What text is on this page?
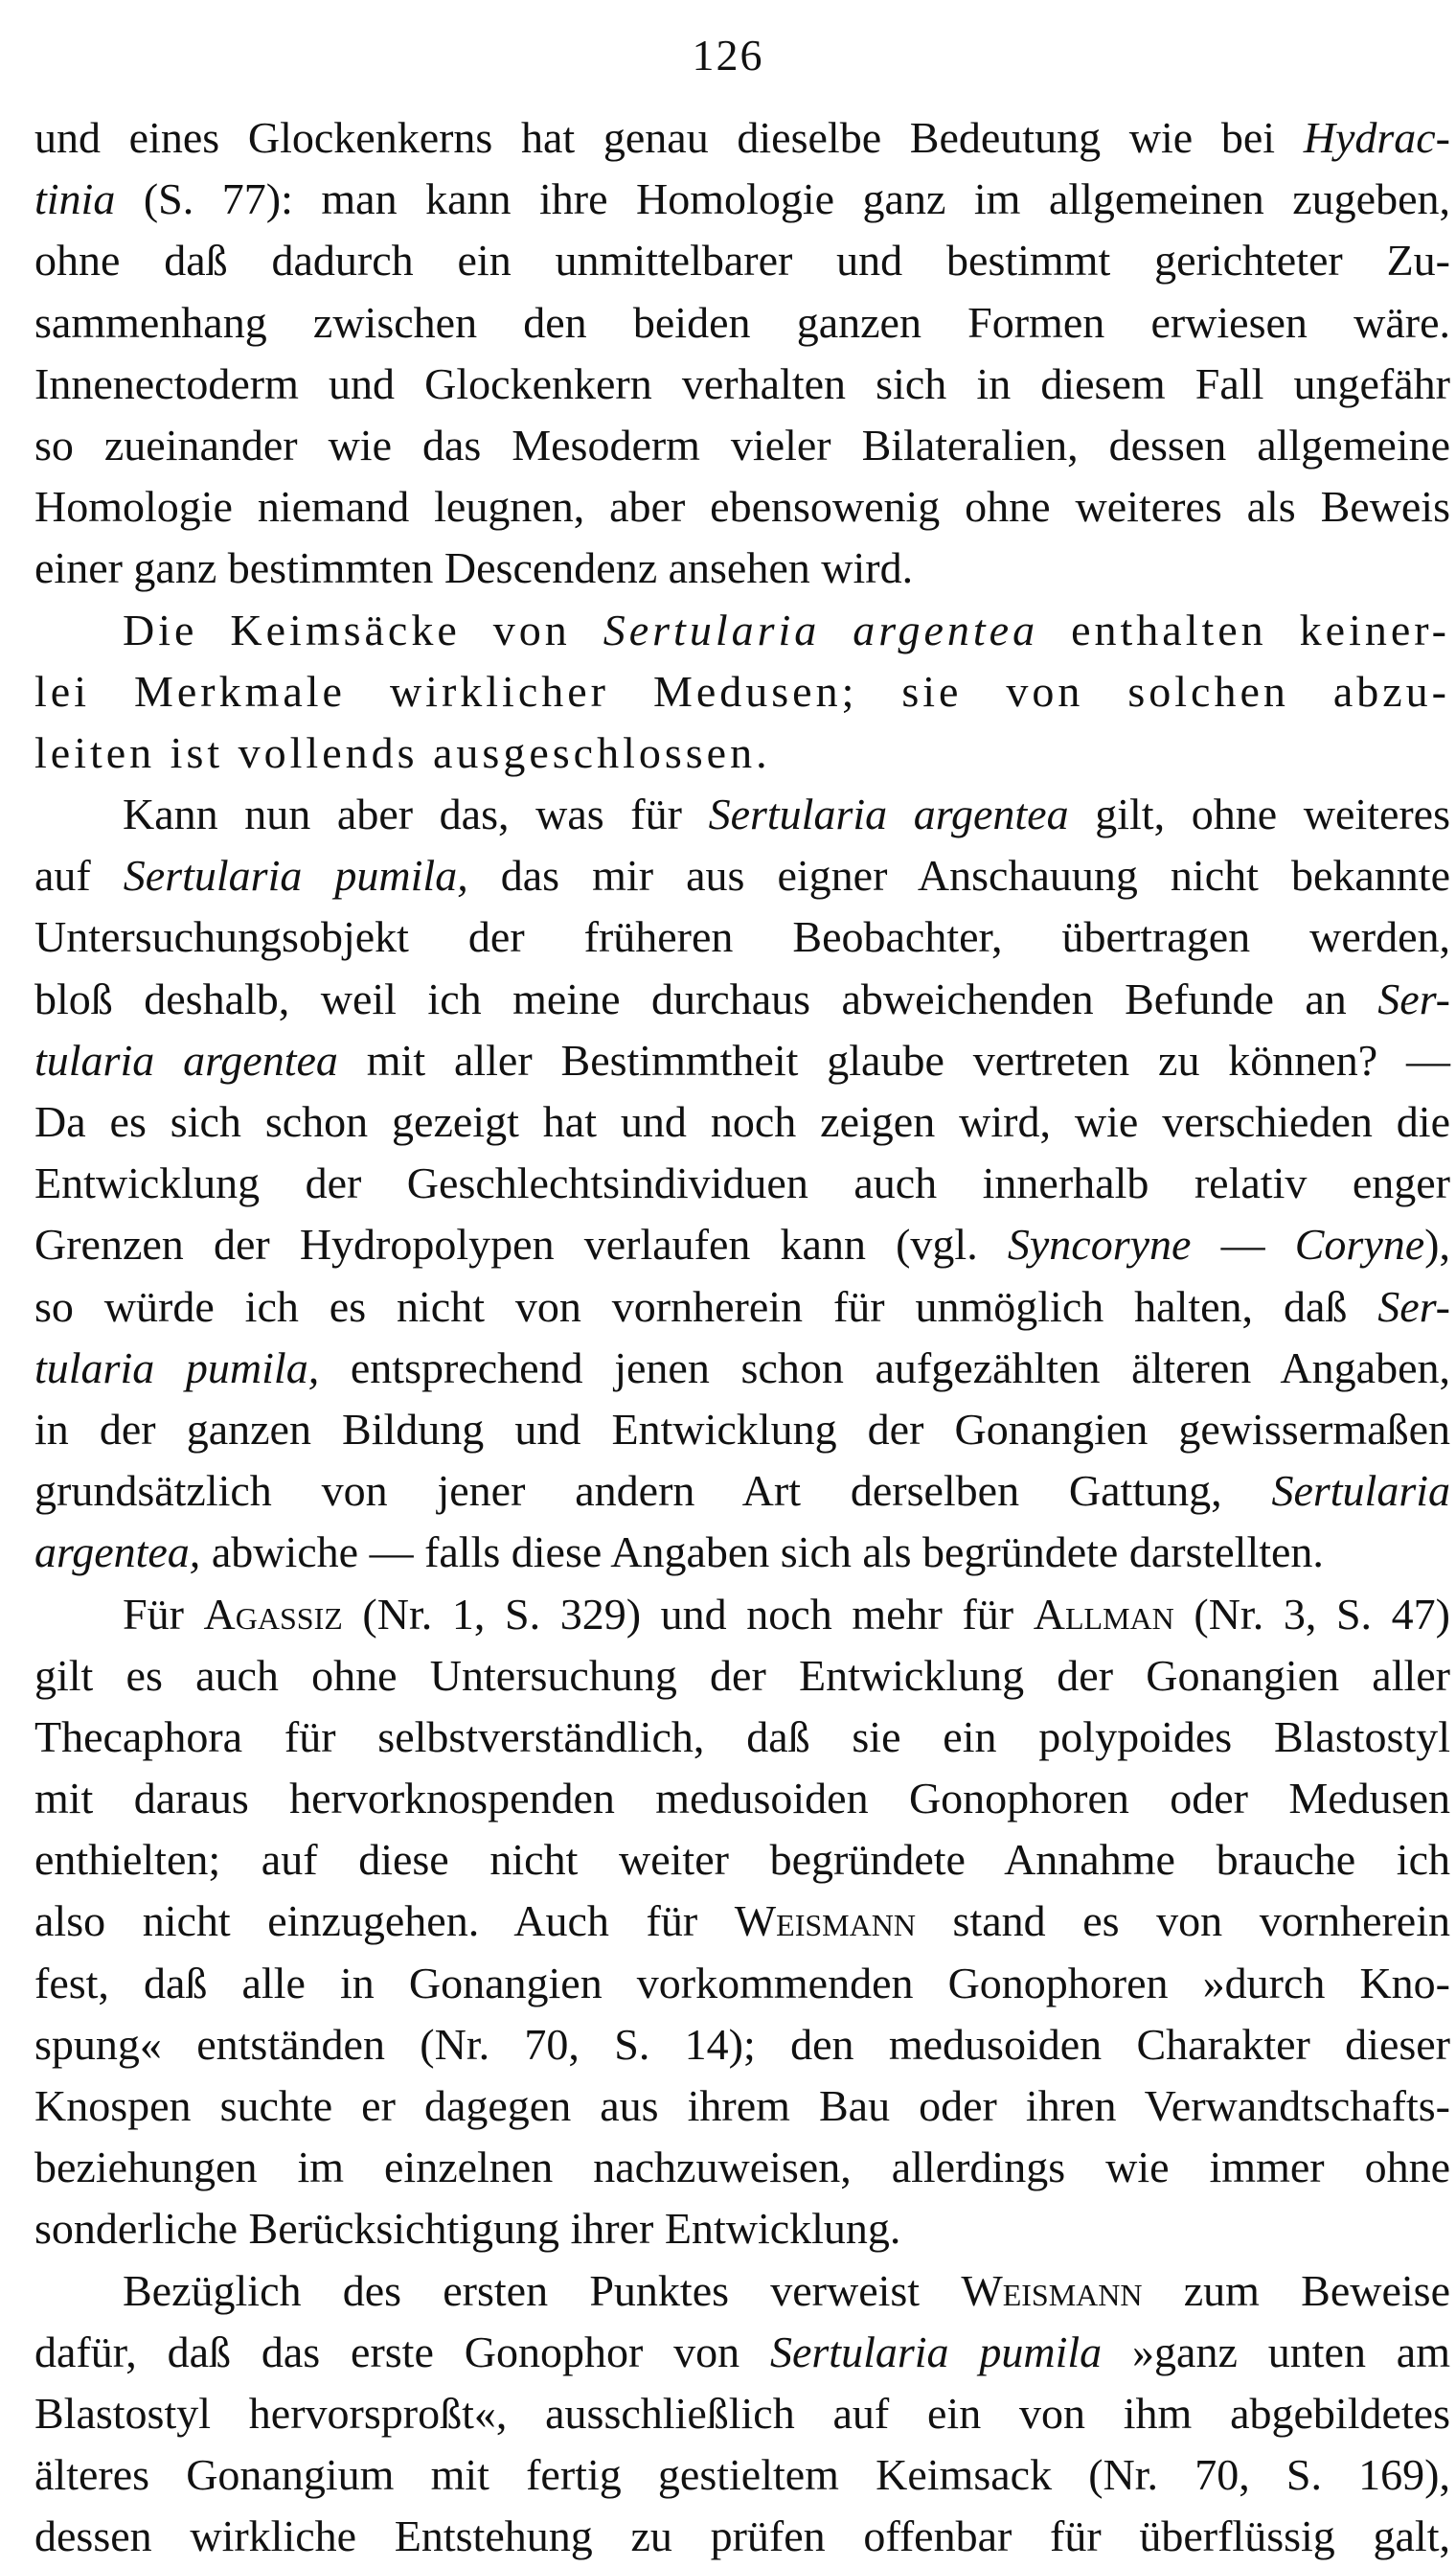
126
und eines Glockenkerns hat genau dieselbe Bedeutung wie bei Hydrac-
tinia (S. 77): man kann ihre Homologie ganz im allgemeinen zugeben,
ohne daß dadurch ein unmittelbarer und bestimmt gerichteter Zu-
sammenhang zwischen den beiden ganzen Formen erwiesen wäre.
Innenectoderm und Glockenkern verhalten sich in diesem Fall ungefähr
so zueinander wie das Mesoderm vieler Bilateralien, dessen allgemeine
Homologie niemand leugnen, aber ebensowenig ohne weiteres als Beweis
einer ganz bestimmten Descendenz ansehen wird.
Die Keimsäcke von Sertularia argentea enthalten keiner-
lei Merkmale wirklicher Medusen; sie von solchen abzu-
leiten ist vollends ausgeschlossen.
Kann nun aber das, was für Sertularia argentea gilt, ohne weiteres
auf Sertularia pumila, das mir aus eigner Anschauung nicht bekannte
Untersuchungsobjekt der früheren Beobachter, übertragen werden,
bloß deshalb, weil ich meine durchaus abweichenden Befunde an Ser-
tularia argentea mit aller Bestimmtheit glaube vertreten zu können? —
Da es sich schon gezeigt hat und noch zeigen wird, wie verschieden die
Entwicklung der Geschlechtsindividuen auch innerhalb relativ enger
Grenzen der Hydropolypen verlaufen kann (vgl. Syncoryne — Coryne),
so würde ich es nicht von vornherein für unmöglich halten, daß Ser-
tularia pumila, entsprechend jenen schon aufgezählten älteren Angaben,
in der ganzen Bildung und Entwicklung der Gonangien gewissermaßen
grundsätzlich von jener andern Art derselben Gattung, Sertularia
argentea, abwiche — falls diese Angaben sich als begründete darstellten.
Für Agassiz (Nr. 1, S. 329) und noch mehr für Allman (Nr. 3, S. 47)
gilt es auch ohne Untersuchung der Entwicklung der Gonangien aller
Thecaphora für selbstverständlich, daß sie ein polypoides Blastostyl
mit daraus hervorknospenden medusoiden Gonophoren oder Medusen
enthielten; auf diese nicht weiter begründete Annahme brauche ich
also nicht einzugehen. Auch für Weismann stand es von vornherein
fest, daß alle in Gonangien vorkommenden Gonophoren »durch Kno-
spung« entständen (Nr. 70, S. 14); den medusoiden Charakter dieser
Knospen suchte er dagegen aus ihrem Bau oder ihren Verwandtschafts-
beziehungen im einzelnen nachzuweisen, allerdings wie immer ohne
sonderliche Berücksichtigung ihrer Entwicklung.
Bezüglich des ersten Punktes verweist Weismann zum Beweise
dafür, daß das erste Gonophor von Sertularia pumila »ganz unten am
Blastostyl hervorsproßt«, ausschließlich auf ein von ihm abgebildetes
älteres Gonangium mit fertig gestieltem Keimsack (Nr. 70, S. 169),
dessen wirkliche Entstehung zu prüfen offenbar für überflüssig galt,
